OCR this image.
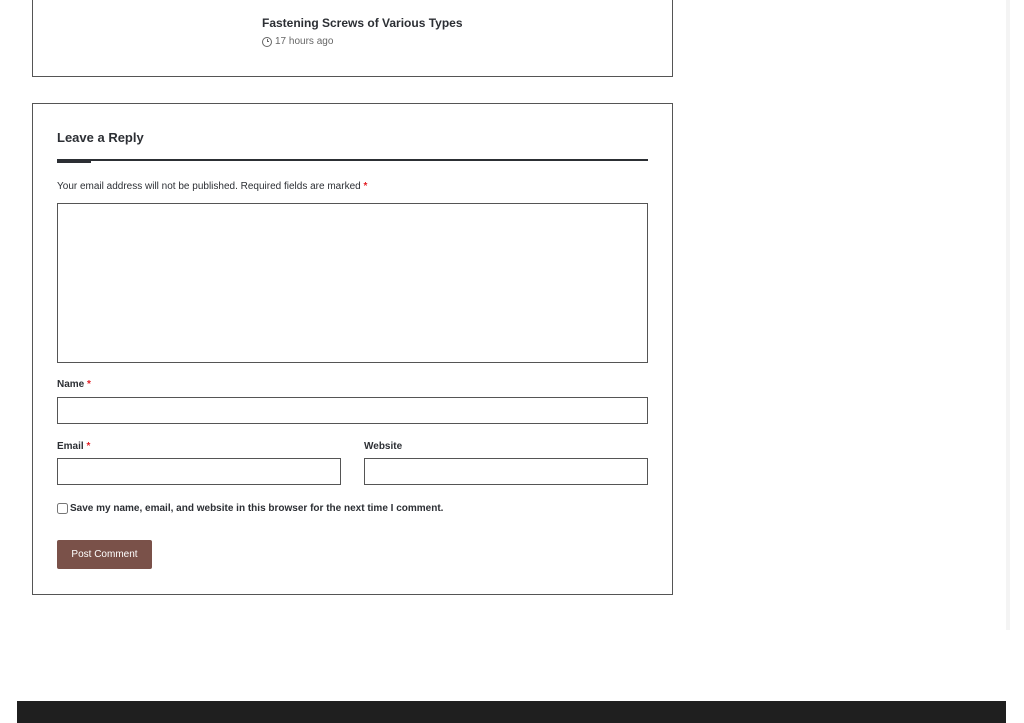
Fastening Screws of Various Types
17 hours ago
Leave a Reply
Your email address will not be published. Required fields are marked *
Name *
Email *	Website
Save my name, email, and website in this browser for the next time I comment.
Post Comment
